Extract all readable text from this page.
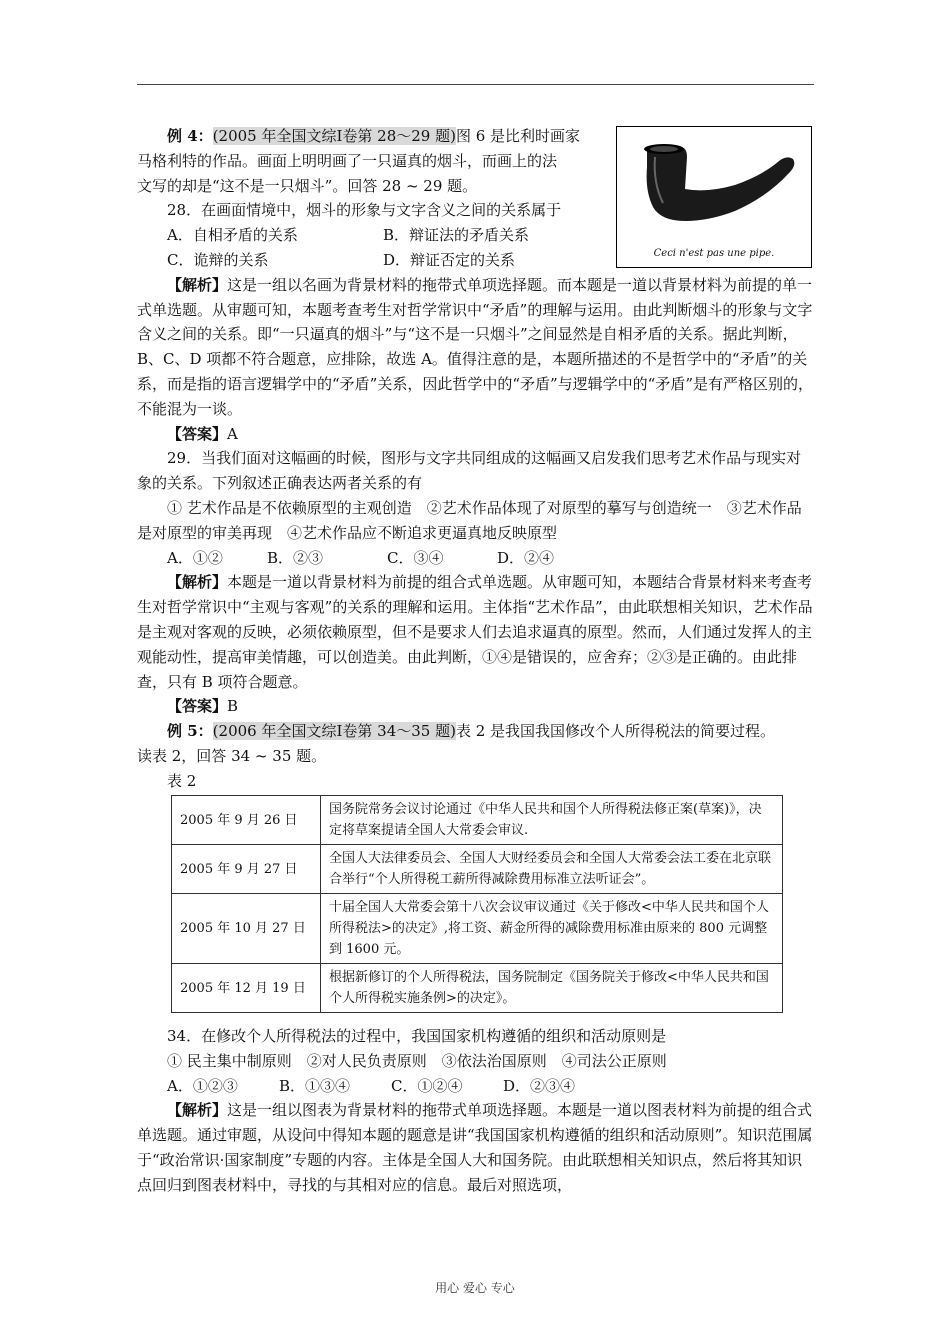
Ceci n'est pas une pipe.

例 4：(2005 年全国文综Ⅰ卷第 28～29 题)图 6 是比利时画家

马格利特的作品。画面上明明画了一只逼真的烟斗，而画上的法

文写的却是“这不是一只烟斗”。回答 28 ~ 29 题。

28．在画面情境中，烟斗的形象与文字含义之间的关系属于

A．自相矛盾的关系	B．辩证法的矛盾关系
C．诡辩的关系	D．辩证否定的关系

【解析】这是一组以名画为背景材料的拖带式单项选择题。而本题是一道以背景材料为前提的单一式单选题。从审题可知，本题考查考生对哲学常识中“矛盾”的理解与运用。由此判断烟斗的形象与文字含义之间的关系。即“一只逼真的烟斗”与“这不是一只烟斗”之间显然是自相矛盾的关系。据此判断，B、C、D 项都不符合题意，应排除，故选 A。值得注意的是，本题所描述的不是哲学中的“矛盾”的关系，而是指的语言逻辑学中的“矛盾”关系，因此哲学中的“矛盾”与逻辑学中的“矛盾”是有严格区别的，不能混为一谈。

【答案】A

29．当我们面对这幅画的时候，图形与文字共同组成的这幅画又启发我们思考艺术作品与现实对象的关系。下列叙述正确表达两者关系的有

① 艺术作品是不依赖原型的主观创造　②艺术作品体现了对原型的摹写与创造统一　③艺术作品是对原型的审美再现　④艺术作品应不断追求更逼真地反映原型

A．①②	B．②③	C．③④	D．②④

【解析】本题是一道以背景材料为前提的组合式单选题。从审题可知，本题结合背景材料来考查考生对哲学常识中“主观与客观”的关系的理解和运用。主体指“艺术作品”，由此联想相关知识，艺术作品是主观对客观的反映，必须依赖原型，但不是要求人们去追求逼真的原型。然而，人们通过发挥人的主观能动性，提高审美情趣，可以创造美。由此判断，①④是错误的，应舍弃；②③是正确的。由此排查，只有 B 项符合题意。

【答案】B

例 5：(2006 年全国文综Ⅰ卷第 34～35 题)表 2 是我国我国修改个人所得税法的简要过程。

读表 2，回答 34 ~ 35 题。

表 2

2005 年 9 月 26 日	国务院常务会议讨论通过《中华人民共和国个人所得税法修正案(草案)》，决定将草案提请全国人大常委会审议.
2005 年 9 月 27 日	全国人大法律委员会、全国人大财经委员会和全国人大常委会法工委在北京联合举行“个人所得税工薪所得减除费用标准立法听证会”。
2005 年 10 月 27 日	十届全国人大常委会第十八次会议审议通过《关于修改<中华人民共和国个人所得税法>的决定》,将工资、薪金所得的减除费用标准由原来的 800 元调整到 1600 元。
2005 年 12 月 19 日	根据新修订的个人所得税法，国务院制定《国务院关于修改<中华人民共和国个人所得税实施条例>的决定》。

34．在修改个人所得税法的过程中，我国国家机构遵循的组织和活动原则是

① 民主集中制原则　②对人民负责原则　③依法治国原则　④司法公正原则

A．①②③	B．①③④	C．①②④	D．②③④

【解析】这是一组以图表为背景材料的拖带式单项选择题。本题是一道以图表材料为前提的组合式单选题。通过审题，从设问中得知本题的题意是讲“我国国家机构遵循的组织和活动原则”。知识范围属于“政治常识·国家制度”专题的内容。主体是全国人大和国务院。由此联想相关知识点，然后将其知识点回归到图表材料中，寻找的与其相对应的信息。最后对照选项，

用心 爱心 专心
